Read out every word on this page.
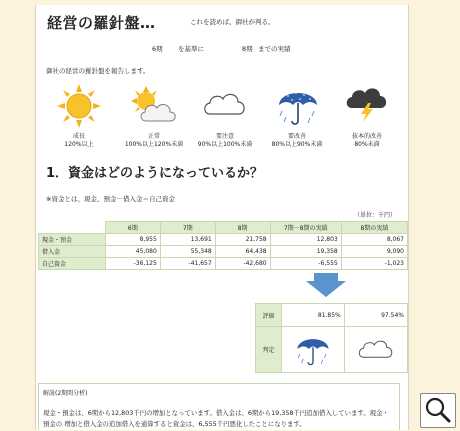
経営の羅針盤…	これを読めば、御社が判る。
6期 を基準に	8期 までの実績
御社の経営の羅針盤を報告します。
成長
120%以上
正常
100%以上120%未満
要注意
90%以上100%未満
要改善
80%以上90%未満
抜本的改善
80%未満
1．資金はどのようになっているか？
※資金とは、現金、預金－借入金＝自己資金
（単位：千円）
	6期	7期	8期	7期－8期の実績	8期の実績
現金・預金	8,955	13,691	21,758	12,803	8,067
借入金	45,080	55,348	64,438	19,358	9,090
自己資金	-36,125	-41,657	-42,680	-6,555	-1,023
評価	81.85%	97.54%
判定		
解説(2期間分析)
現金・預金は、6期から12,803千円の増加となっています。借入金は、6期から19,358千円追加借入しています。現金・預金の 増加と借入金の追加借入を通算すると資金は、6,555千円悪化したことになります。
